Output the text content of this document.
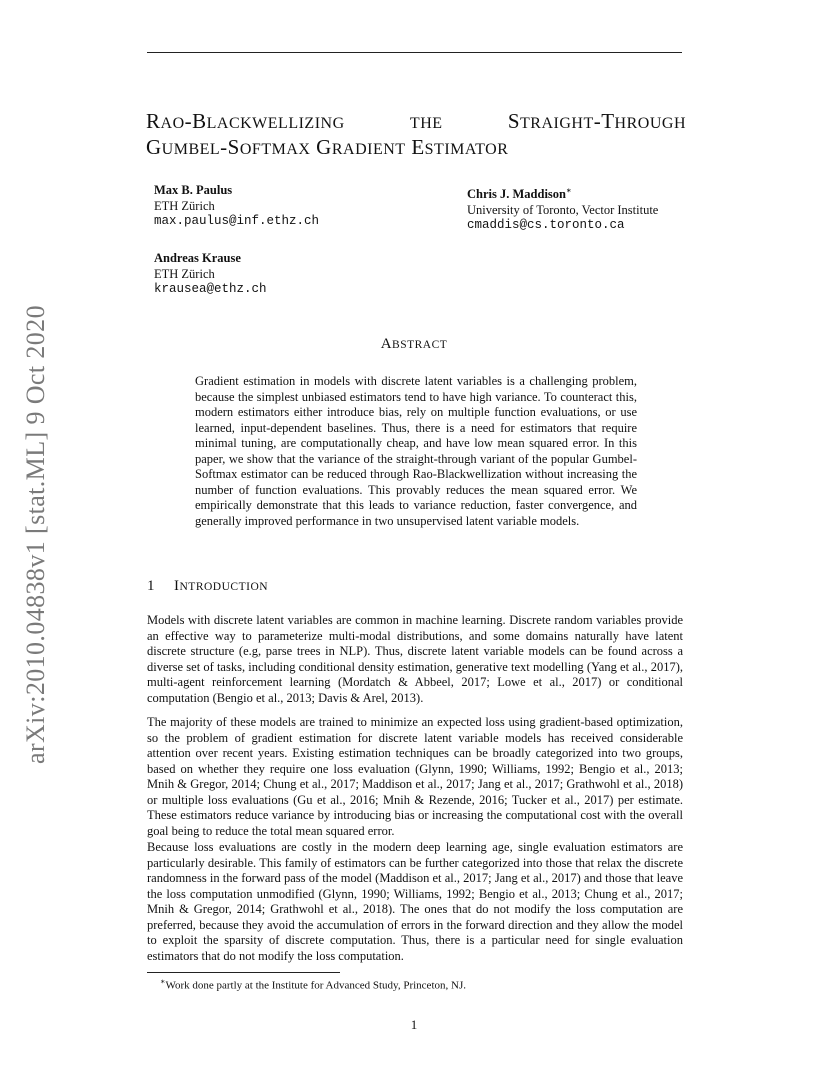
arXiv:2010.04838v1 [stat.ML] 9 Oct 2020
RAO-BLACKWELLIZING	THE	STRAIGHT-THROUGH
GUMBEL-SOFTMAX GRADIENT ESTIMATOR
Max B. Paulus
ETH Zürich
max.paulus@inf.ethz.ch
Chris J. Maddison∗
University of Toronto, Vector Institute
cmaddis@cs.toronto.ca
Andreas Krause
ETH Zürich
krausea@ethz.ch
ABSTRACT
Gradient estimation in models with discrete latent variables is a challenging problem, because the simplest unbiased estimators tend to have high variance. To counteract this, modern estimators either introduce bias, rely on multiple function evaluations, or use learned, input-dependent baselines. Thus, there is a need for estimators that require minimal tuning, are computationally cheap, and have low mean squared error. In this paper, we show that the variance of the straight-through variant of the popular Gumbel-Softmax estimator can be reduced through Rao-Blackwellization without increasing the number of function evaluations. This provably reduces the mean squared error. We empirically demonstrate that this leads to variance reduction, faster convergence, and generally improved performance in two unsupervised latent variable models.
1 INTRODUCTION
Models with discrete latent variables are common in machine learning. Discrete random variables provide an effective way to parameterize multi-modal distributions, and some domains naturally have latent discrete structure (e.g, parse trees in NLP). Thus, discrete latent variable models can be found across a diverse set of tasks, including conditional density estimation, generative text modelling (Yang et al., 2017), multi-agent reinforcement learning (Mordatch & Abbeel, 2017; Lowe et al., 2017) or conditional computation (Bengio et al., 2013; Davis & Arel, 2013).
The majority of these models are trained to minimize an expected loss using gradient-based optimization, so the problem of gradient estimation for discrete latent variable models has received considerable attention over recent years. Existing estimation techniques can be broadly categorized into two groups, based on whether they require one loss evaluation (Glynn, 1990; Williams, 1992; Bengio et al., 2013; Mnih & Gregor, 2014; Chung et al., 2017; Maddison et al., 2017; Jang et al., 2017; Grathwohl et al., 2018) or multiple loss evaluations (Gu et al., 2016; Mnih & Rezende, 2016; Tucker et al., 2017) per estimate. These estimators reduce variance by introducing bias or increasing the computational cost with the overall goal being to reduce the total mean squared error.
Because loss evaluations are costly in the modern deep learning age, single evaluation estimators are particularly desirable. This family of estimators can be further categorized into those that relax the discrete randomness in the forward pass of the model (Maddison et al., 2017; Jang et al., 2017) and those that leave the loss computation unmodified (Glynn, 1990; Williams, 1992; Bengio et al., 2013; Chung et al., 2017; Mnih & Gregor, 2014; Grathwohl et al., 2018). The ones that do not modify the loss computation are preferred, because they avoid the accumulation of errors in the forward direction and they allow the model to exploit the sparsity of discrete computation. Thus, there is a particular need for single evaluation estimators that do not modify the loss computation.
∗Work done partly at the Institute for Advanced Study, Princeton, NJ.
1
